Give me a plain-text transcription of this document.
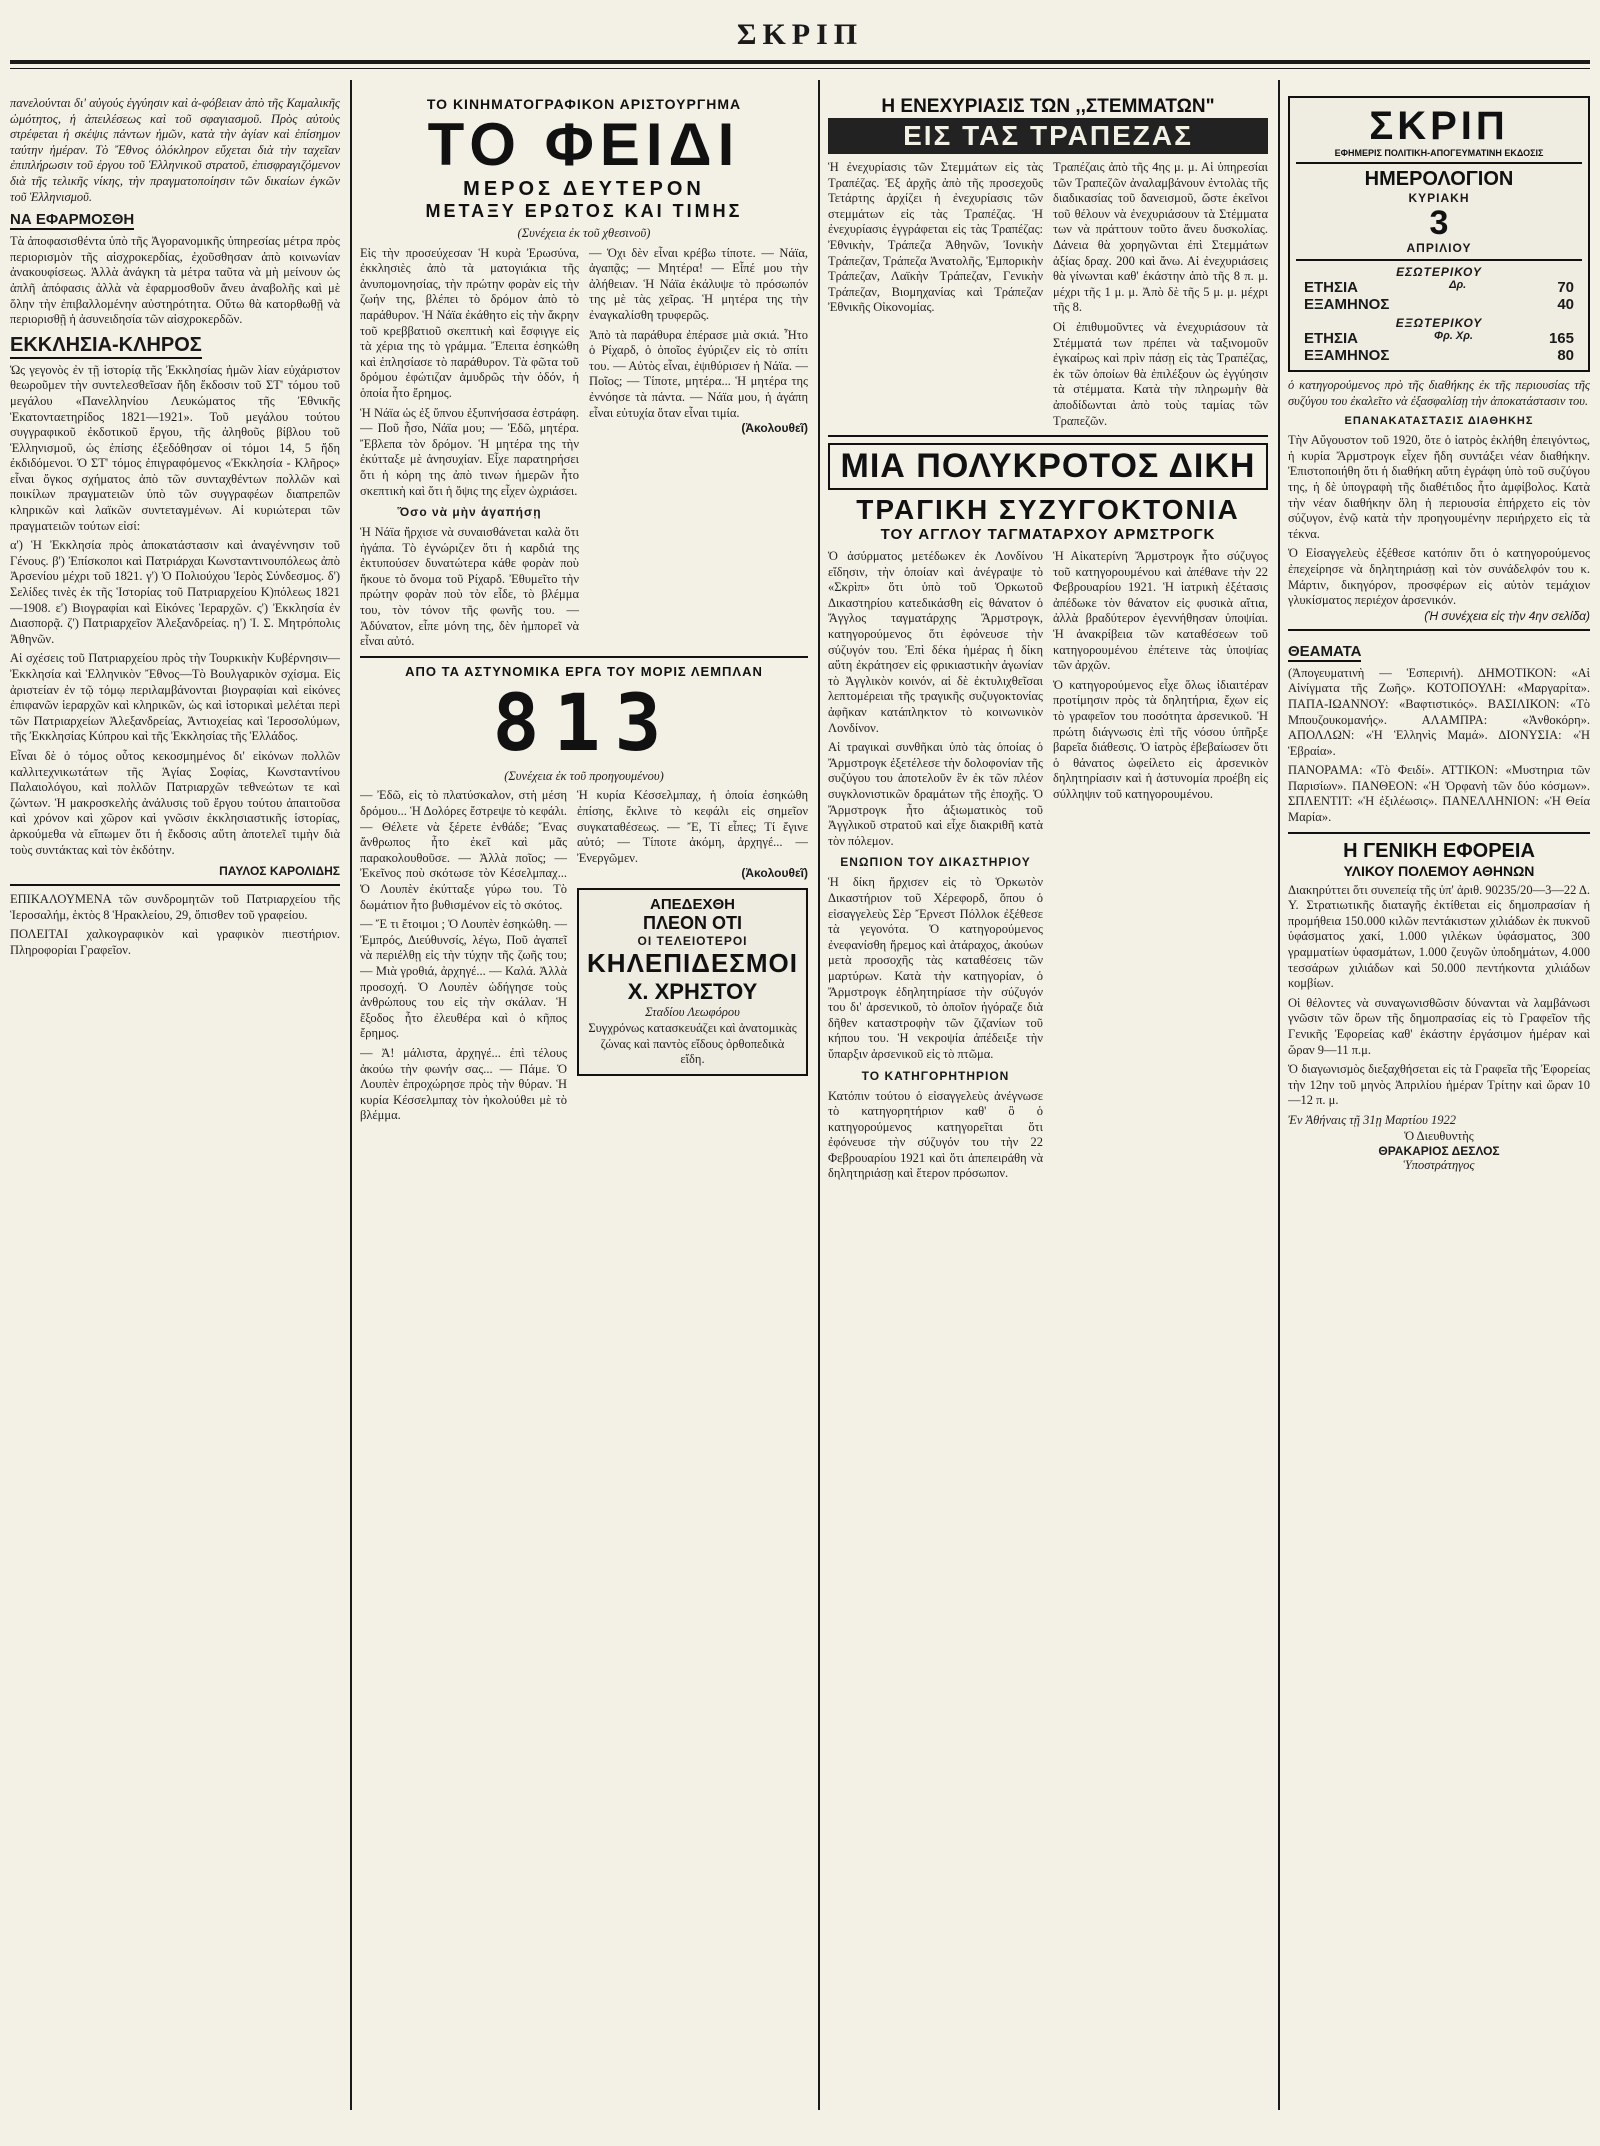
ΣΚΡΙΠ

πανελούνται δι' αὐγούς ἐγγύησιν καὶ ἀ-φόβειαν ἀπὸ τῆς Καμαλικῆς ὠμότητος, ἡ ἀπειλέσεως καὶ τοῦ σφαγιασμοῦ. Πρὸς αὐτοὺς στρέφεται ἡ σκέψις πάντων ἡμῶν, κατὰ τὴν ἀγίαν καὶ ἐπίσημον ταύτην ἡμέραν. Τὸ Ἔθνος ὁλόκληρον εὔχεται διὰ τὴν ταχεῖαν ἐπιπλήρωσιν τοῦ ἐργου τοῦ Ἑλληνικοῦ στρατοῦ, ἐπισφραγιζόμενον διὰ τῆς τελικῆς νίκης, τὴν πραγματοποίησιν τῶν δικαίων ἐγκῶν τοῦ Ἑλληνισμοῦ.

ΝΑ ΕΦΑΡΜΟΣΘΗ

Τὰ ἀποφασισθέντα ὑπὸ τῆς Ἀγορανομικῆς ὑπηρεσίας μέτρα πρὸς περιορισμὸν τῆς αἰσχροκερδίας, ἐχοῦσθησαν ἀπὸ κοινωνίαν ἀνακουφίσεως. Ἀλλὰ ἀνάγκη τὰ μέτρα ταῦτα νὰ μὴ μείνουν ὡς ἀπλῆ ἀπόφασις ἀλλὰ νὰ ἐφαρμοσθοῦν ἄνευ ἀναβολῆς καὶ μὲ ὅλην τὴν ἐπιβαλλομένην αὐστηρότητα. Οὕτω θὰ κατορθωθῇ νὰ περιορισθῇ ἡ ἀσυνειδησία τῶν αἰσχροκερδῶν.

ΕΚΚΛΗΣΙΑ-ΚΛΗΡΟΣ

Ὡς γεγονὸς ἐν τῇ ἱστορίᾳ τῆς Ἐκκλησίας ἡμῶν λίαν εὐχάριστον θεωροῦμεν τὴν συντελεσθεῖσαν ἤδη ἔκδοσιν τοῦ ΣΤ' τόμου τοῦ μεγάλου «Πανελληνίου Λευκώματος τῆς Ἐθνικῆς Ἑκατονταετηρίδος 1821—1921». Τοῦ μεγάλου τούτου συγγραφικοῦ ἐκδοτικοῦ ἔργου, τῆς ἀληθοῦς βίβλου τοῦ Ἑλληνισμοῦ, ὡς ἐπίσης ἐξεδόθησαν οἱ τόμοι 14, 5 ἤδη ἐκδιδόμενοι. Ὁ ΣΤ' τόμος ἐπιγραφόμενος «Ἐκκλησία - Κλῆρος» εἶναι ὄγκος σχήματος ἀπὸ τῶν συνταχθέντων πολλῶν καὶ ποικίλων πραγματειῶν ὑπὸ τῶν συγγραφέων διαπρεπῶν κληρικῶν καὶ λαϊκῶν συντεταγμένων. Αἱ κυριώτεραι τῶν πραγματειῶν τούτων εἰσί:

α') Ἡ Ἐκκλησία πρὸς ἀποκατάστασιν καὶ ἀναγέννησιν τοῦ Γένους. β') Ἐπίσκοποι καὶ Πατριάρχαι Κωνσταντινουπόλεως ἀπὸ Ἀρσενίου μέχρι τοῦ 1821. γ') Ὁ Πολιούχου Ἱερὸς Σύνδεσμος. δ') Σελίδες τινὲς ἐκ τῆς Ἱστορίας τοῦ Πατριαρχείου Κ)πόλεως 1821—1908. ε') Βιογραφίαι καὶ Εἰκόνες Ἱεραρχῶν. ς') Ἐκκλησία ἐν Διασπορᾷ. ζ') Πατριαρχεῖον Ἀλεξανδρείας. η') Ἱ. Σ. Μητρόπολις Ἀθηνῶν.

Αἱ σχέσεις τοῦ Πατριαρχείου πρὸς τὴν Τουρκικὴν Κυβέρνησιν—Ἐκκλησία καὶ Ἑλληνικὸν Ἔθνος—Τὸ Βουλγαρικὸν σχίσμα. Εἰς ἀριστείαν ἐν τῷ τόμῳ περιλαμβάνονται βιογραφίαι καὶ εἰκόνες ἐπιφανῶν ἱεραρχῶν καὶ κληρικῶν, ὡς καὶ ἱστορικαὶ μελέται περὶ τῶν Πατριαρχείων Ἀλεξανδρείας, Ἀντιοχείας καὶ Ἱεροσολύμων, τῆς Ἐκκλησίας Κύπρου καὶ τῆς Ἐκκλησίας τῆς Ἑλλάδος.

Εἶναι δὲ ὁ τόμος οὗτος κεκοσμημένος δι' εἰκόνων πολλῶν καλλιτεχνικωτάτων τῆς Ἁγίας Σοφίας, Κωνσταντίνου Παλαιολόγου, καὶ πολλῶν Πατριαρχῶν τεθνεώτων τε καὶ ζώντων. Ἡ μακροσκελὴς ἀνάλυσις τοῦ ἔργου τούτου ἀπαιτοῦσα καὶ χρόνον καὶ χῶρον καὶ γνῶσιν ἐκκλησιαστικῆς ἱστορίας, ἀρκούμεθα νὰ εἴπωμεν ὅτι ἡ ἔκδοσις αὕτη ἀποτελεῖ τιμὴν διὰ τοὺς συντάκτας καὶ τὸν ἐκδότην.

ΠΑΥΛΟΣ ΚΑΡΟΛΙΔΗΣ

ΕΠΙΚΑΛΟΥΜΕΝΑ τῶν συνδρομητῶν τοῦ Πατριαρχείου τῆς Ἱεροσαλήμ, ἑκτὸς 8 Ἡρακλείου, 29, ὄπισθεν τοῦ γραφείου.

ΠΟΛΕΙΤΑΙ χαλκογραφικὸν καὶ γραφικὸν πιεστήριον. Πληροφορίαι Γραφεῖον.

ΤΟ ΚΙΝΗΜΑΤΟΓΡΑΦΙΚΟΝ ΑΡΙΣΤΟΥΡΓΗΜΑ
ΤΟ ΦΕΙΔΙ
ΜΕΡΟΣ ΔΕΥΤΕΡΟΝ
ΜΕΤΑΞΥ ΕΡΩΤΟΣ ΚΑΙ ΤΙΜΗΣ
(Συνέχεια ἐκ τοῦ χθεσινοῦ)

Εἰς τὴν προσεύχεσαν Ἡ κυρὰ Ἐρωσύνα, ἐκκλησιὲς ἀπὸ τὰ ματογιάκια τῆς ἀνυπομονησίας, τὴν πρώτην φορὰν εἰς τὴν ζωήν της, βλέπει τὸ δρόμον ἀπὸ τὸ παράθυρον. Ἡ Νάϊα ἐκάθητο εἰς τὴν ἄκρην τοῦ κρεββατιοῦ σκεπτικὴ καὶ ἔσφιγγε εἰς τὰ χέρια της τὸ γράμμα. Ἔπειτα ἐσηκώθη καὶ ἐπλησίασε τὸ παράθυρον. Τὰ φῶτα τοῦ δρόμου ἐφώτιζαν ἀμυδρῶς τὴν ὁδόν, ἡ ὁποία ἦτο ἔρημος.

Ἡ Νάϊα ὡς ἐξ ὕπνου ἐξυπνήσασα ἐστράφη. — Ποῦ ἦσο, Νάϊα μου; — Ἐδῶ, μητέρα. Ἔβλεπα τὸν δρόμον. Ἡ μητέρα της τὴν ἐκύτταξε μὲ ἀνησυχίαν. Εἶχε παρατηρήσει ὅτι ἡ κόρη της ἀπὸ τινων ἡμερῶν ἦτο σκεπτικὴ καὶ ὅτι ἡ ὄψις της εἶχεν ὠχριάσει.

Ὅσο νὰ μὴν ἀγαπήσῃ

Ἡ Νάϊα ἤρχισε νὰ συναισθάνεται καλὰ ὅτι ἠγάπα. Τὸ ἐγνώριζεν ὅτι ἡ καρδιά της ἐκτυπούσεν δυνατώτερα κάθε φορὰν ποὺ ἤκουε τὸ ὄνομα τοῦ Ρίχαρδ. Ἐθυμεῖτο τὴν πρώτην φορὰν ποὺ τὸν εἶδε, τὸ βλέμμα του, τὸν τόνον τῆς φωνῆς του. — Ἀδύνατον, εἶπε μόνη της, δὲν ἠμπορεῖ νὰ εἶναι αὐτό.

— Ὁχι δὲν εἶναι κρέβω τίποτε. — Νάϊα, ἀγαπᾷς; — Μητέρα! — Εἶπέ μου τὴν ἀλήθειαν. Ἡ Νάϊα ἐκάλυψε τὸ πρόσωπόν της μὲ τὰς χεῖρας. Ἡ μητέρα της τὴν ἐναγκαλίσθη τρυφερῶς.

Ἀπὸ τὰ παράθυρα ἐπέρασε μιὰ σκιά. Ἦτο ὁ Ρίχαρδ, ὁ ὁποῖος ἐγύριζεν εἰς τὸ σπίτι του. — Αὐτὸς εἶναι, ἐψιθύρισεν ἡ Νάϊα. — Ποῖος; — Τίποτε, μητέρα... Ἡ μητέρα της ἐννόησε τὰ πάντα. — Νάϊα μου, ἡ ἀγάπη εἶναι εὐτυχία ὅταν εἶναι τιμία.

(Ἀκολουθεῖ)
ΑΠΟ ΤΑ ΑΣΤΥΝΟΜΙΚΑ ΕΡΓΑ ΤΟΥ ΜΟΡΙΣ ΛΕΜΠΛΑΝ
813
(Συνέχεια ἐκ τοῦ προηγουμένου)

— Ἐδῶ, εἰς τὸ πλατύσκαλον, στὴ μέση δρόμου... Ἡ Δολόρες ἔστρεψε τὸ κεφάλι. — Θέλετε νὰ ξέρετε ἐνθάδε; Ἔνας ἄνθρωπος ἦτο ἐκεῖ καὶ μᾶς παρακολουθοῦσε. — Ἀλλὰ ποῖος; — Ἐκεῖνος ποὺ σκότωσε τὸν Κέσελμπαχ... Ὁ Λουπὲν ἐκύτταξε γύρω του. Τὸ δωμάτιον ἦτο βυθισμένον εἰς τὸ σκότος.

— Ἔ τι ἔτοιμοι ; Ὁ Λουπὲν ἐσηκώθη. — Ἐμπρός, Διεύθυνσίς, λέγω, Ποῦ ἀγαπεῖ νὰ περιέλθῃ εἰς τὴν τύχην τῆς ζωῆς του; — Μιὰ γροθιά, ἀρχηγέ... — Καλά. Ἀλλὰ προσοχή. Ὁ Λουπὲν ὡδήγησε τοὺς ἀνθρώπους του εἰς τὴν σκάλαν. Ἡ ἔξοδος ἦτο ἐλευθέρα καὶ ὁ κῆπος ἔρημος.

— Ἀ! μάλιστα, ἀρχηγέ... ἐπὶ τέλους ἀκούω τὴν φωνήν σας... — Πάμε. Ὁ Λουπὲν ἐπροχώρησε πρὸς τὴν θύραν. Ἡ κυρία Κέσσελμπαχ τὸν ἠκολούθει μὲ τὸ βλέμμα.

Ἡ κυρία Κέσσελμπαχ, ἡ ὁποία ἐσηκώθη ἐπίσης, ἔκλινε τὸ κεφάλι εἰς σημεῖον συγκαταθέσεως. — Ἔ, Τί εἶπες; Τί ἔγινε αὐτό; — Τίποτε ἀκόμη, ἀρχηγέ... — Ἐνεργῶμεν.

(Ἀκολουθεῖ)
ΑΠΕΔΕΧΘΗ
ΠΛΕΟΝ ΟΤΙ
ΟΙ ΤΕΛΕΙΟΤΕΡΟΙ
ΚΗΛΕΠΙΔΕΣΜΟΙ
Χ. ΧΡΗΣΤΟΥ
Σταδίου Λεωφόρου
Συγχρόνως κατασκευάζει καὶ ἀνατομικὰς ζώνας καὶ παντὸς εἴδους ὀρθοπεδικὰ εἴδη.
Η ΕΝΕΧΥΡΙΑΣΙΣ ΤΩΝ ,,ΣΤΕΜΜΑΤΩΝ"
ΕΙΣ ΤΑΣ ΤΡΑΠΕΖΑΣ

Ἡ ἐνεχυρίασις τῶν Στεμμάτων εἰς τὰς Τραπέζας. Ἐξ ἀρχῆς ἀπὸ τῆς προσεχοῦς Τετάρτης ἀρχίζει ἡ ἐνεχυρίασις τῶν στεμμάτων εἰς τὰς Τραπέζας. Ἡ ἐνεχυρίασις ἐγγράφεται εἰς τὰς Τραπέζας: Ἐθνικὴν, Τράπεζα Ἀθηνῶν, Ἰονικὴν Τράπεζαν, Τράπεζα Ἀνατολῆς, Ἐμπορικὴν Τράπεζαν, Λαϊκὴν Τράπεζαν, Γενικὴν Τράπεζαν, Βιομηχανίας καὶ Τράπεζαν Ἐθνικῆς Οἰκονομίας.

Τραπέζαις ἀπὸ τῆς 4ης μ. μ. Αἱ ὑπηρεσίαι τῶν Τραπεζῶν ἀναλαμβάνουν ἐντολὰς τῆς διαδικασίας τοῦ δανεισμοῦ, ὥστε ἐκεῖνοι τοῦ θέλουν νὰ ἐνεχυριάσουν τὰ Στέμματα των νὰ πράττουν τοῦτο ἄνευ δυσκολίας. Δάνεια θὰ χορηγῶνται ἐπὶ Στεμμάτων ἀξίας δραχ. 200 καὶ ἄνω. Αἱ ἐνεχυριάσεις θὰ γίνωνται καθ' ἑκάστην ἀπὸ τῆς 8 π. μ. μέχρι τῆς 1 μ. μ. Ἀπὸ δὲ τῆς 5 μ. μ. μέχρι τῆς 8.

Οἱ ἐπιθυμοῦντες νὰ ἐνεχυριάσουν τὰ Στέμματά των πρέπει νὰ ταξινομοῦν ἐγκαίρως καὶ πρὶν πάσῃ εἰς τὰς Τραπέζας, ἐκ τῶν ὁποίων θὰ ἐπιλέξουν ὡς ἐγγύησιν τὰ στέμματα. Κατὰ τὴν πληρωμὴν θὰ ἀποδίδωνται ἀπὸ τοὺς ταμίας τῶν Τραπεζῶν.

ΜΙΑ ΠΟΛΥΚΡΟΤΟΣ ΔΙΚΗ
ΤΡΑΓΙΚΗ ΣΥΖΥΓΟΚΤΟΝΙΑ
ΤΟΥ ΑΓΓΛΟΥ ΤΑΓΜΑΤΑΡΧΟΥ ΑΡΜΣΤΡΟΓΚ

Ὁ ἀσύρματος μετέδωκεν ἐκ Λονδίνου εἴδησιν, τὴν ὁποίαν καὶ ἀνέγραψε τὸ «Σκρὶπ» ὅτι ὑπὸ τοῦ Ὁρκωτοῦ Δικαστηρίου κατεδικάσθη εἰς θάνατον ὁ Ἄγγλος ταγματάρχης Ἄρμστρογκ, κατηγορούμενος ὅτι ἐφόνευσε τὴν σύζυγόν του. Ἐπὶ δέκα ἡμέρας ἡ δίκη αὕτη ἐκράτησεν εἰς φρικιαστικὴν ἀγωνίαν τὸ Ἀγγλικὸν κοινόν, αἱ δὲ ἐκτυλιχθεῖσαι λεπτομέρειαι τῆς τραγικῆς συζυγοκτονίας ἀφῆκαν κατάπληκτον τὸ κοινωνικὸν Λονδίνον.

Αἱ τραγικαὶ συνθῆκαι ὑπὸ τὰς ὁποίας ὁ Ἄρμστρογκ ἐξετέλεσε τὴν δολοφονίαν τῆς συζύγου του ἀποτελοῦν ἓν ἐκ τῶν πλέον συγκλονιστικῶν δραμάτων τῆς ἐποχῆς. Ὁ Ἄρμστρογκ ἦτο ἀξιωματικὸς τοῦ Ἀγγλικοῦ στρατοῦ καὶ εἶχε διακριθῆ κατὰ τὸν πόλεμον.

ΕΝΩΠΙΟΝ ΤΟΥ ΔΙΚΑΣΤΗΡΙΟΥ

Ἡ δίκη ἤρχισεν εἰς τὸ Ὁρκωτὸν Δικαστήριον τοῦ Χέρεφορδ, ὅπου ὁ εἰσαγγελεὺς Σὲρ Ἔρνεστ Πόλλοκ ἐξέθεσε τὰ γεγονότα. Ὁ κατηγορούμενος ἐνεφανίσθη ἤρεμος καὶ ἀτάραχος, ἀκούων μετὰ προσοχῆς τὰς καταθέσεις τῶν μαρτύρων. Κατὰ τὴν κατηγορίαν, ὁ Ἄρμστρογκ ἐδηλητηρίασε τὴν σύζυγόν του δι' ἀρσενικοῦ, τὸ ὁποῖον ἠγόραζε διὰ δῆθεν καταστροφὴν τῶν ζιζανίων τοῦ κήπου του. Ἡ νεκροψία ἀπέδειξε τὴν ὕπαρξιν ἀρσενικοῦ εἰς τὸ πτῶμα.

ΤΟ ΚΑΤΗΓΟΡΗΤΗΡΙΟΝ

Κατόπιν τούτου ὁ εἰσαγγελεὺς ἀνέγνωσε τὸ κατηγορητήριον καθ' ὃ ὁ κατηγορούμενος κατηγορεῖται ὅτι ἐφόνευσε τὴν σύζυγόν του τὴν 22 Φεβρουαρίου 1921 καὶ ὅτι ἀπεπειράθη νὰ δηλητηριάσῃ καὶ ἕτερον πρόσωπον.

Ἡ Αἰκατερίνη Ἄρμστρογκ ἦτο σύζυγος τοῦ κατηγορουμένου καὶ ἀπέθανε τὴν 22 Φεβρουαρίου 1921. Ἡ ἰατρικὴ ἐξέτασις ἀπέδωκε τὸν θάνατον εἰς φυσικὰ αἴτια, ἀλλὰ βραδύτερον ἐγεννήθησαν ὑποψίαι. Ἡ ἀνακρίβεια τῶν καταθέσεων τοῦ κατηγορουμένου ἐπέτεινε τὰς ὑποψίας τῶν ἀρχῶν.

Ὁ κατηγορούμενος εἶχε ὅλως ἰδιαιτέραν προτίμησιν πρὸς τὰ δηλητήρια, ἔχων εἰς τὸ γραφεῖον του ποσότητα ἀρσενικοῦ. Ἡ πρώτη διάγνωσις ἐπὶ τῆς νόσου ὑπῆρξε βαρεῖα διάθεσις. Ὁ ἰατρὸς ἐβεβαίωσεν ὅτι ὁ θάνατος ὠφείλετο εἰς ἀρσενικὸν δηλητηρίασιν καὶ ἡ ἀστυνομία προέβη εἰς σύλληψιν τοῦ κατηγορουμένου.

ΣΚΡΙΠ
ΕΦΗΜΕΡΙΣ ΠΟΛΙΤΙΚΗ-ΑΠΟΓΕΥΜΑΤΙΝΗ ΕΚΔΟΣΙΣ
ΗΜΕΡΟΛΟΓΙΟΝ
ΚΥΡΙΑΚΗ
3
ΑΠΡΙΛΙΟΥ
ΕΣΩΤΕΡΙΚΟΥ
ΕΤΗΣΙΑ	Δρ.	70
ΕΞΑΜΗΝΟΣ	40
ΕΞΩΤΕΡΙΚΟΥ
ΕΤΗΣΙΑ	Φρ. Χρ.	165
ΕΞΑΜΗΝΟΣ	80

ὁ κατηγορούμενος πρὸ τῆς διαθήκης ἐκ τῆς περιουσίας τῆς συζύγου του ἐκαλεῖτο νὰ ἐξασφαλίσῃ τὴν ἀποκατάστασιν του.

ΕΠΑΝΑΚΑΤΑΣΤΑΣΙΣ ΔΙΑΘΗΚΗΣ

Τὴν Αὔγουστον τοῦ 1920, ὅτε ὁ ἰατρὸς ἐκλήθη ἐπειγόντως, ἡ κυρία Ἄρμστρογκ εἶχεν ἤδη συντάξει νέαν διαθήκην. Ἐπιστοποιήθη ὅτι ἡ διαθήκη αὕτη ἐγράφη ὑπὸ τοῦ συζύγου της, ἡ δὲ ὑπογραφὴ τῆς διαθέτιδος ἦτο ἀμφίβολος. Κατὰ τὴν νέαν διαθήκην ὅλη ἡ περιουσία ἐπήρχετο εἰς τὸν σύζυγον, ἐνῷ κατὰ τὴν προηγουμένην περιήρχετο εἰς τὰ τέκνα.

Ὁ Εἰσαγγελεὺς ἐξέθεσε κατόπιν ὅτι ὁ κατηγορούμενος ἐπεχείρησε νὰ δηλητηριάσῃ καὶ τὸν συνάδελφόν του κ. Μάρτιν, δικηγόρον, προσφέρων εἰς αὐτὸν τεμάχιον γλυκίσματος περιέχον ἀρσενικόν.

(Ἡ συνέχεια εἰς τὴν 4ην σελίδα)
ΘΕΑΜΑΤΑ

(Ἀπογευματινὴ — Ἑσπερινή). ΔΗΜΟΤΙΚΟΝ: «Αἱ Αἰνίγματα τῆς Ζωῆς». ΚΟΤΟΠΟΥΛΗ: «Μαργαρίτα». ΠΑΠΑ-ΙΩΑΝΝΟΥ: «Βαφτιστικός». ΒΑΣΙΛΙΚΟΝ: «Τὸ Μπουζουκομανής». ΑΛΑΜΠΡΑ: «Ἀνθοκόρη». ΑΠΟΛΛΩΝ: «Ἡ Ἑλληνὶς Μαμά». ΔΙΟΝΥΣΙΑ: «Ἡ Ἑβραία».

ΠΑΝΟΡΑΜΑ: «Τὸ Φειδί». ΑΤΤΙΚΟΝ: «Μυστηρια τῶν Παρισίων». ΠΑΝΘΕΟΝ: «Ἡ Ὀρφανὴ τῶν δύο κόσμων». ΣΠΛΕΝΤΙΤ: «Ἡ ἐξιλέωσις». ΠΑΝΕΛΛΗΝΙΟΝ: «Ἡ Θεία Μαρία».

Η ΓΕΝΙΚΗ ΕΦΟΡΕΙΑ
ΥΛΙΚΟΥ ΠΟΛΕΜΟΥ ΑΘΗΝΩΝ

Διακηρύττει ὅτι συνεπείᾳ τῆς ὑπ' ἀριθ. 90235/20—3—22 Δ. Υ. Στρατιωτικῆς διαταγῆς ἐκτίθεται εἰς δημοπρασίαν ἡ προμήθεια 150.000 κιλῶν πεντάκιστων χιλιάδων ἐκ πυκνοῦ ὑφάσματος χακί, 1.000 γιλέκων ὑφάσματος, 300 γραμματίων ὑφασμάτων, 1.000 ζευγῶν ὑποδημάτων, 4.000 τεσσάρων χιλιάδων καὶ 50.000 πεντήκοντα χιλιάδων κομβίων.

Οἱ θέλοντες νὰ συναγωνισθῶσιν δύνανται νὰ λαμβάνωσι γνῶσιν τῶν ὅρων τῆς δημοπρασίας εἰς τὸ Γραφεῖον τῆς Γενικῆς Ἐφορείας καθ' ἑκάστην ἐργάσιμον ἡμέραν καὶ ὥραν 9—11 π.μ.

Ὁ διαγωνισμὸς διεξαχθήσεται εἰς τὰ Γραφεῖα τῆς Ἐφορείας τὴν 12ην τοῦ μηνὸς Ἀπριλίου ἡμέραν Τρίτην καὶ ὥραν 10—12 π. μ.

Ἐν Ἀθήναις τῇ 31ῃ Μαρτίου 1922
Ὁ Διευθυντὴς
ΘΡΑΚΑΡΙΟΣ ΔΕΣΛΟΣ
Ὑποστράτηγος
